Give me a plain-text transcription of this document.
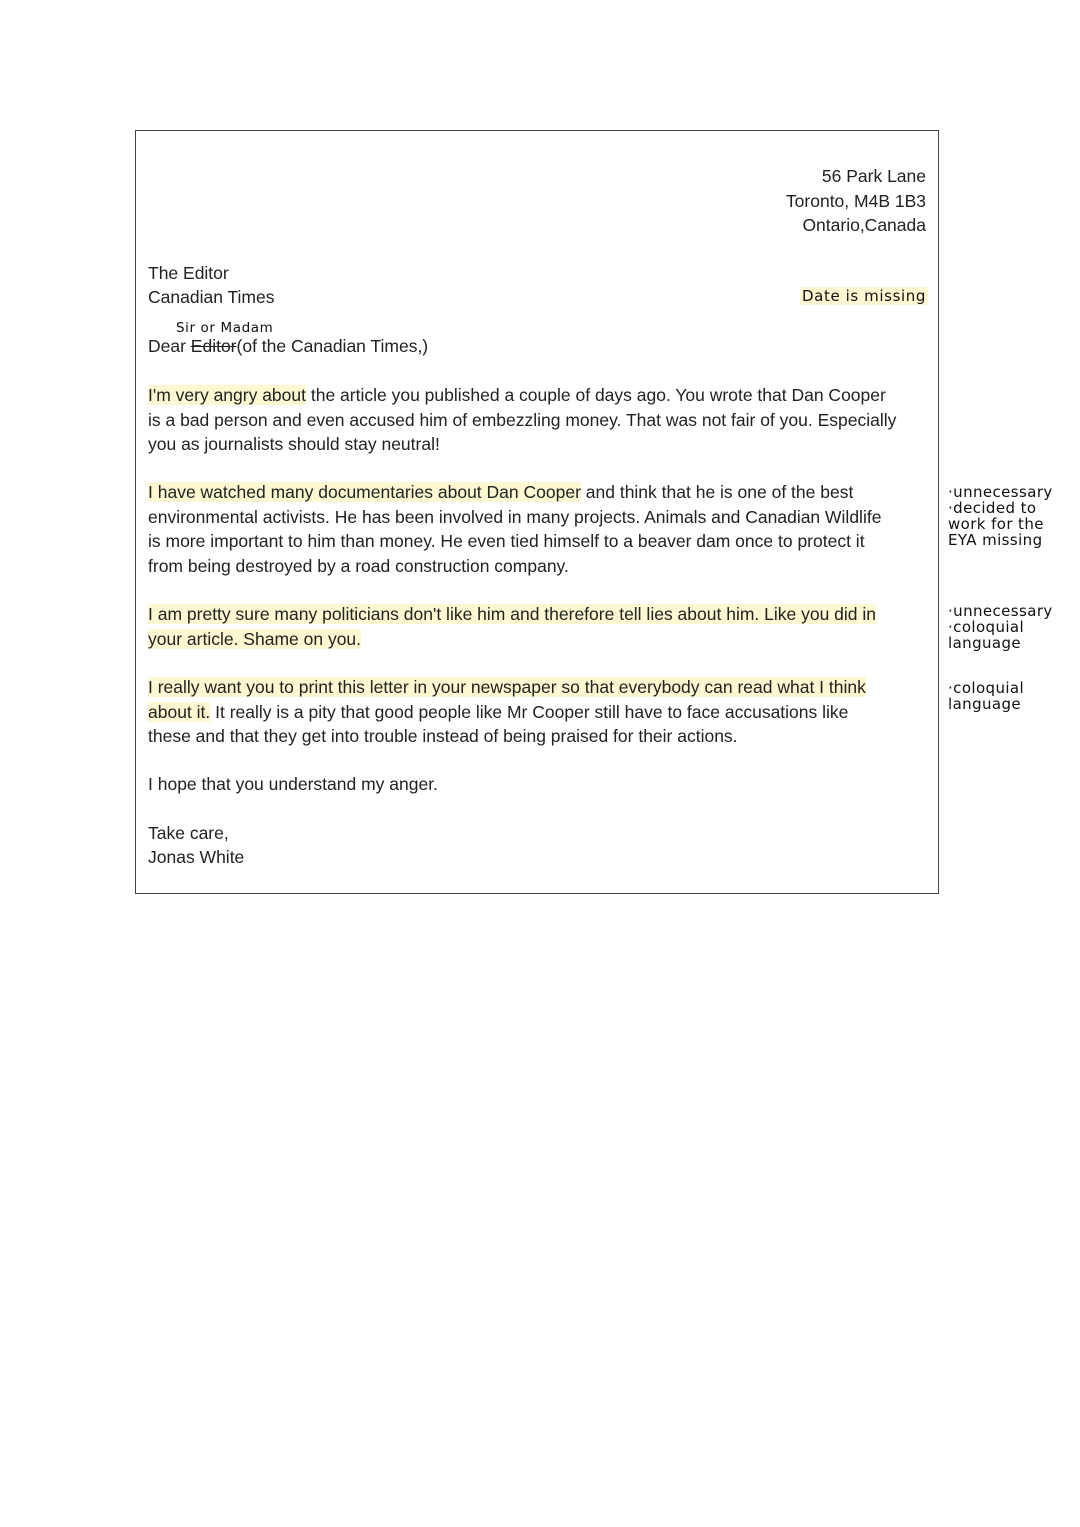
56 Park Lane
Toronto, M4B 1B3
Ontario,Canada
The Editor
Canadian Times	Date is missing
Sir or Madam
Dear Editor(of the Canadian Times,)
I'm very angry about the article you published a couple of days ago. You wrote that Dan Cooper
is a bad person and even accused him of embezzling money. That was not fair of you. Especially
you as journalists should stay neutral!
I have watched many documentaries about Dan Cooper and think that he is one of the best
environmental activists. He has been involved in many projects. Animals and Canadian Wildlife
is more important to him than money. He even tied himself to a beaver dam once to protect it
from being destroyed by a road construction company.
I am pretty sure many politicians don't like him and therefore tell lies about him. Like you did in
your article. Shame on you.
I really want you to print this letter in your newspaper so that everybody can read what I think
about it. It really is a pity that good people like Mr Cooper still have to face accusations like
these and that they get into trouble instead of being praised for their actions.
I hope that you understand my anger.
Take care,
Jonas White
·unnecessary
·decided to
work for the
EYA missing
·unnecessary
·coloquial
language
·coloquial
language
